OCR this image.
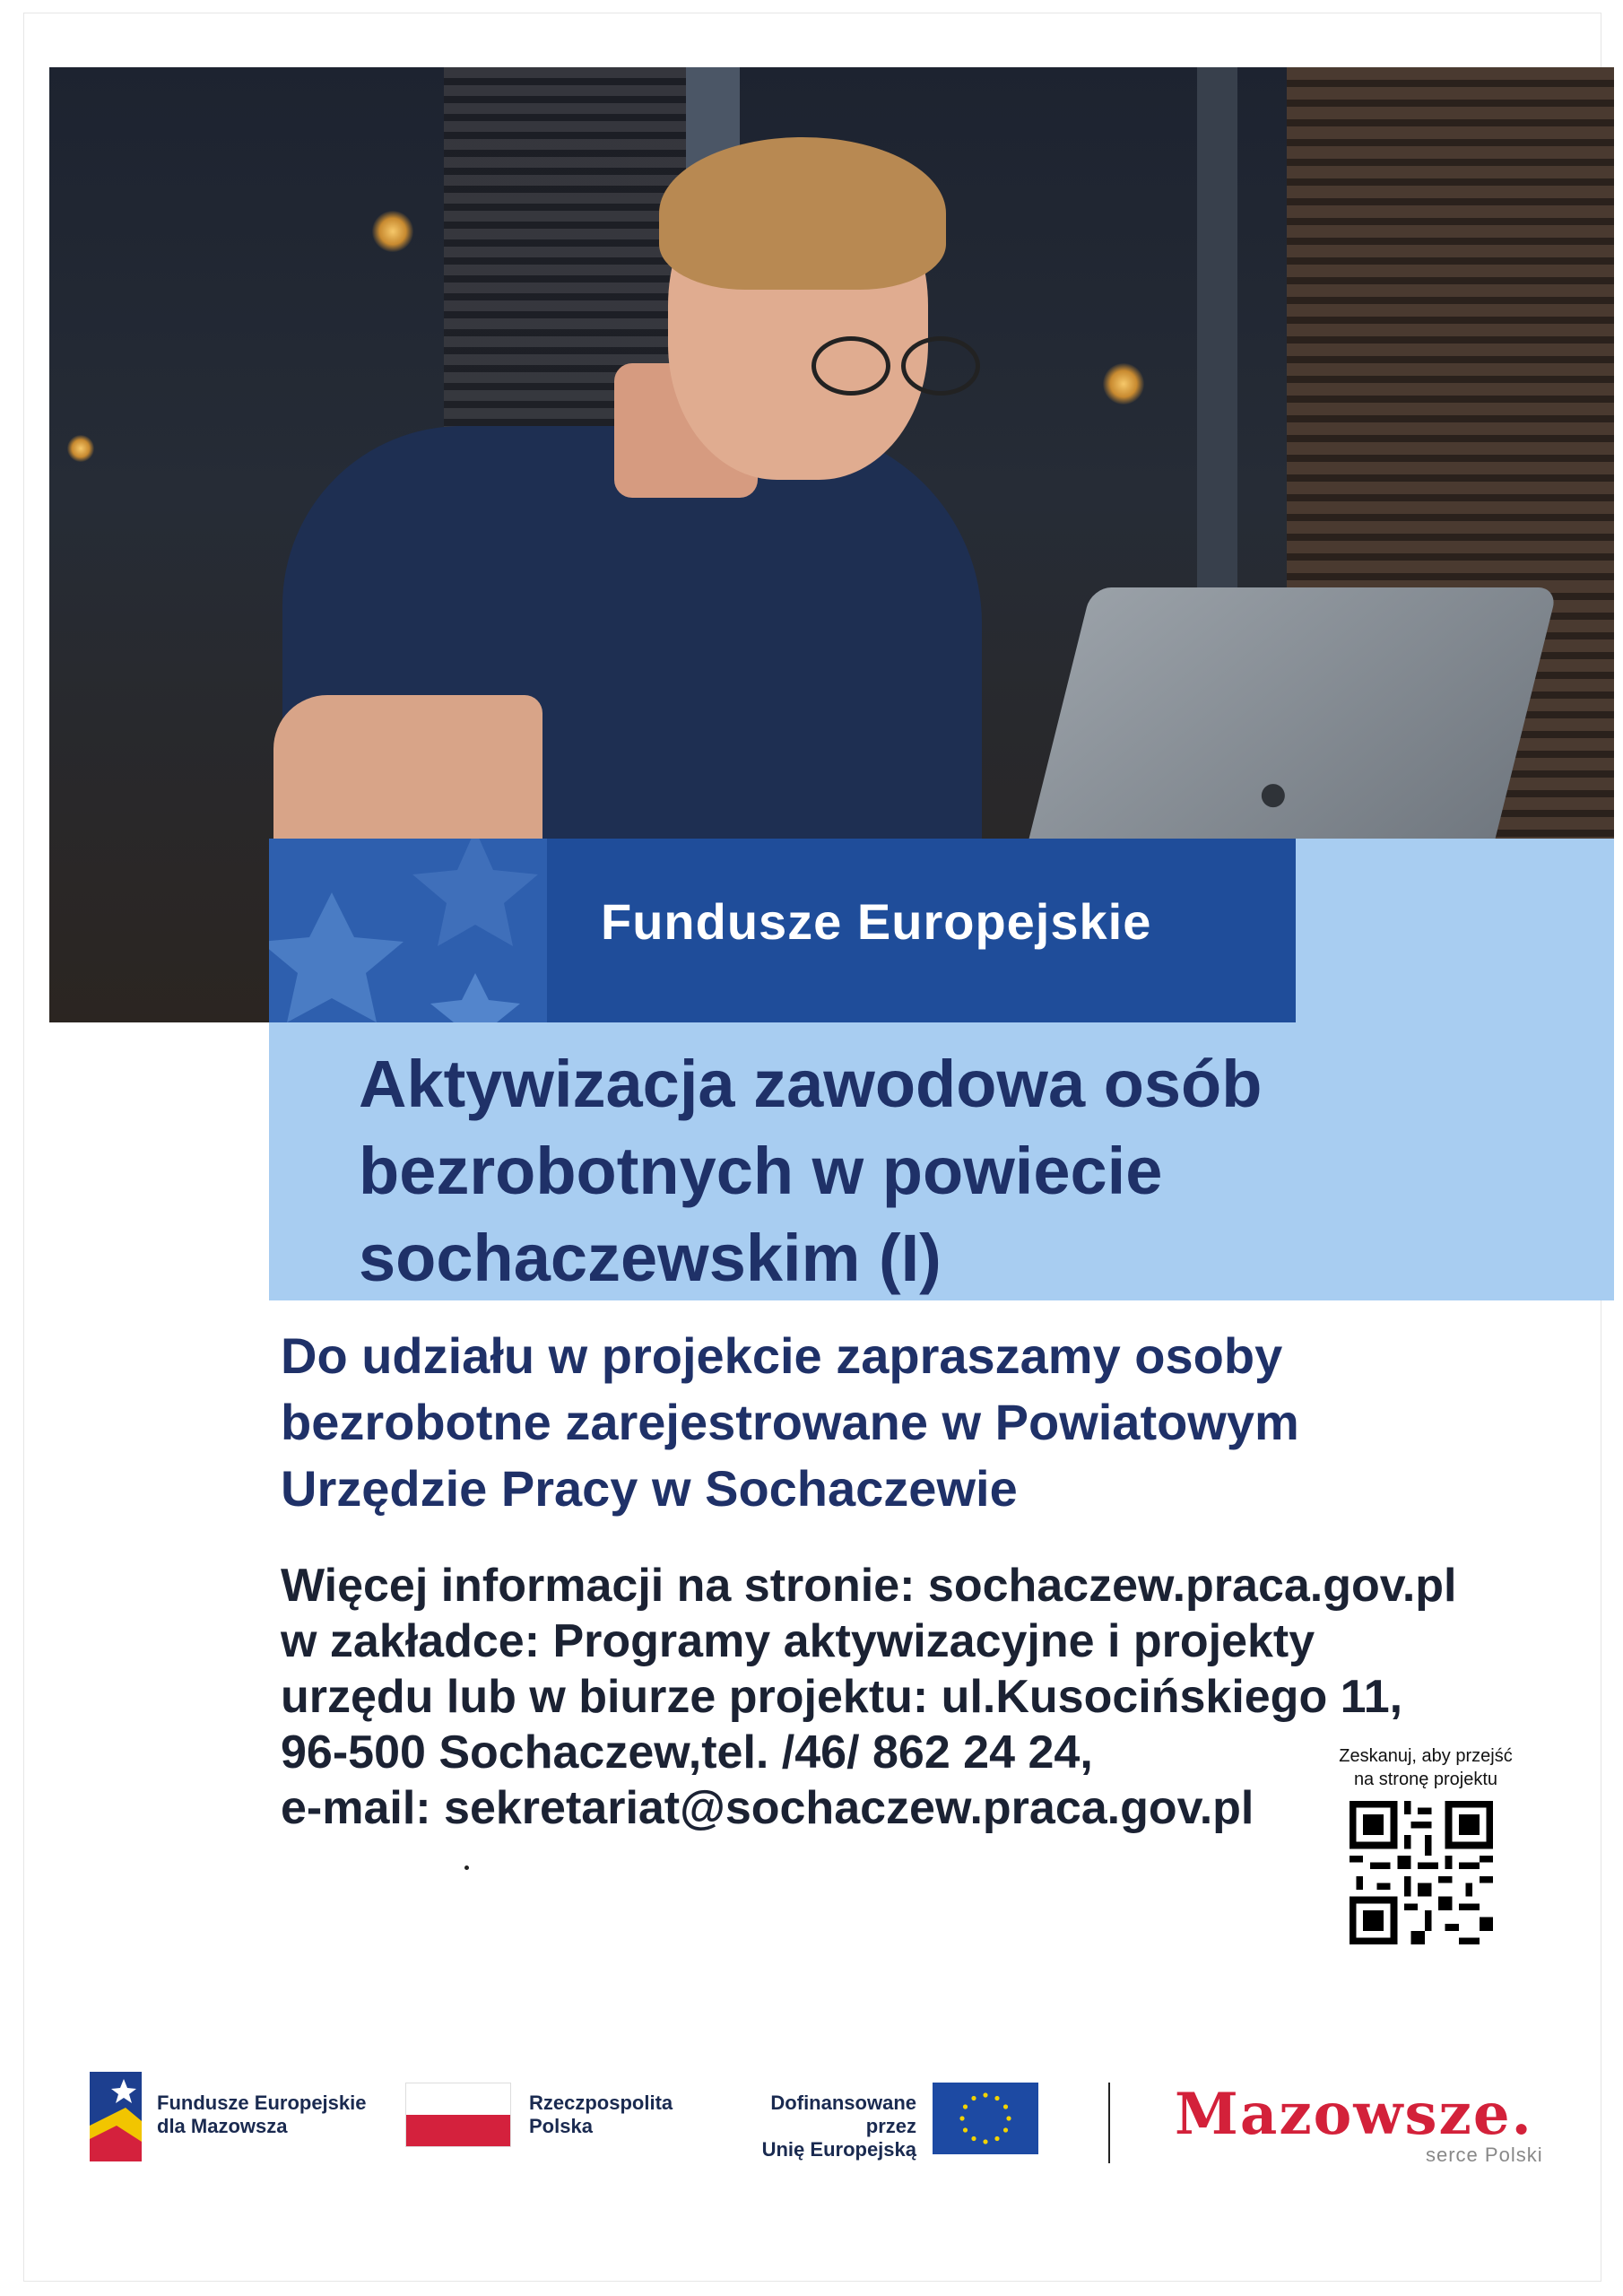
●
Fundusze Europejskie
Aktywizacja zawodowa osób
bezrobotnych w powiecie
sochaczewskim (I)
Do udziału w projekcie zapraszamy osoby
bezrobotne zarejestrowane w Powiatowym
Urzędzie Pracy w Sochaczewie
Więcej informacji na stronie: sochaczew.praca.gov.pl
w zakładce: Programy aktywizacyjne i projekty
urzędu lub w biurze projektu: ul.Kusocińskiego 11,
96-500 Sochaczew,tel. /46/ 862 24 24,
e-mail: sekretariat@sochaczew.praca.gov.pl
Zeskanuj, aby przejść
na stronę projektu
Fundusze Europejskie
dla Mazowsza
Rzeczpospolita
Polska
Dofinansowane przez
Unię Europejską
Mazowsze.
serce Polski
